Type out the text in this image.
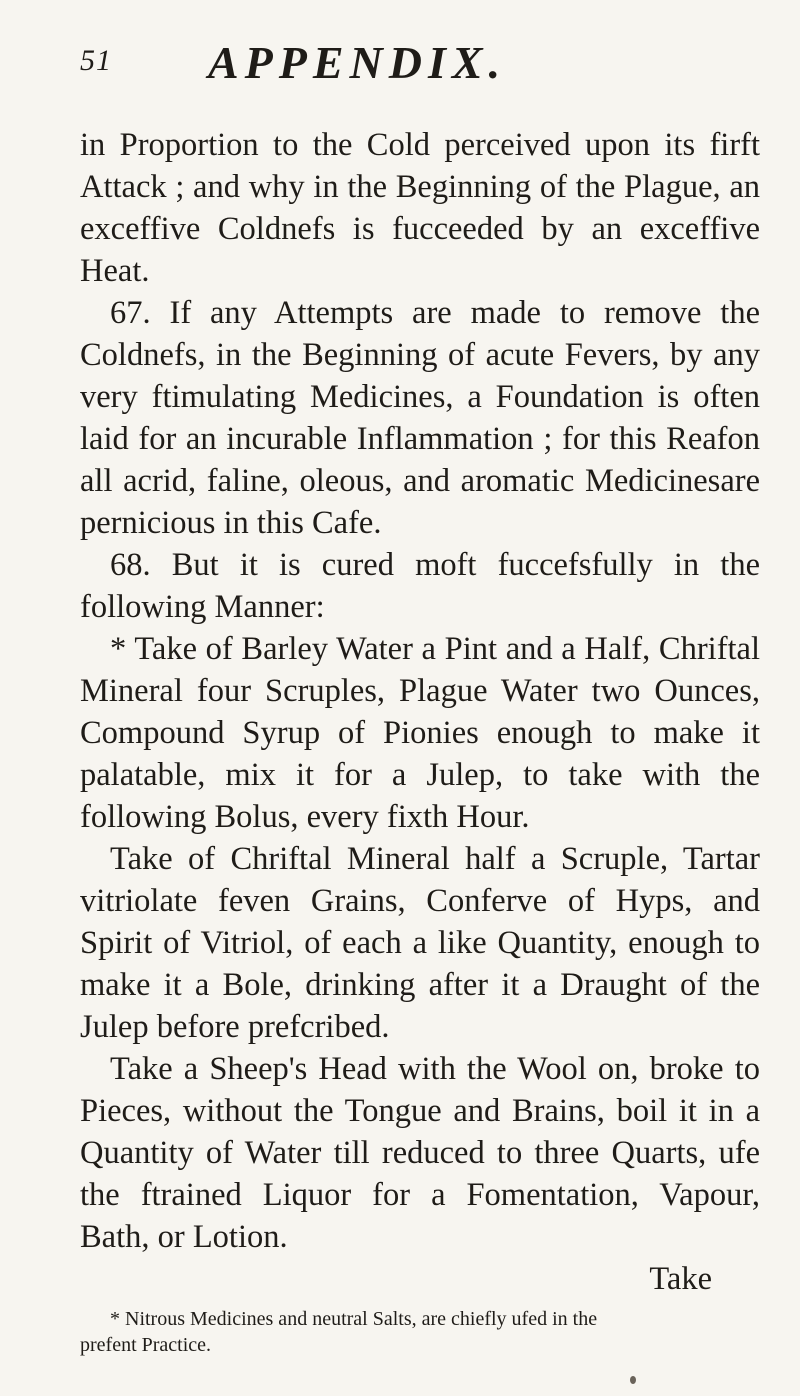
51 APPENDIX.

in Proportion to the Cold perceived upon its firft Attack ; and why in the Beginning of the Plague, an exceffive Coldnefs is fucceeded by an exceffive Heat.

67. If any Attempts are made to remove the Coldnefs, in the Beginning of acute Fevers, by any very ftimulating Medicines, a Foundation is often laid for an incurable Inflammation ; for this Reafon all acrid, faline, oleous, and aromatic Medicinesare pernicious in this Cafe.

68. But it is cured moft fuccefsfully in the following Manner:

* Take of Barley Water a Pint and a Half, Chriftal Mineral four Scruples, Plague Water two Ounces, Compound Syrup of Pionies enough to make it palatable, mix it for a Julep, to take with the following Bolus, every fixth Hour.

Take of Chriftal Mineral half a Scruple, Tartar vitriolate feven Grains, Conferve of Hyps, and Spirit of Vitriol, of each a like Quantity, enough to make it a Bole, drinking after it a Draught of the Julep before prefcribed.

Take a Sheep's Head with the Wool on, broke to Pieces, without the Tongue and Brains, boil it in a Quantity of Water till reduced to three Quarts, ufe the ftrained Liquor for a Fomentation, Vapour, Bath, or Lotion.

Take

* Nitrous Medicines and neutral Salts, are chiefly ufed in the
prefent Practice.
